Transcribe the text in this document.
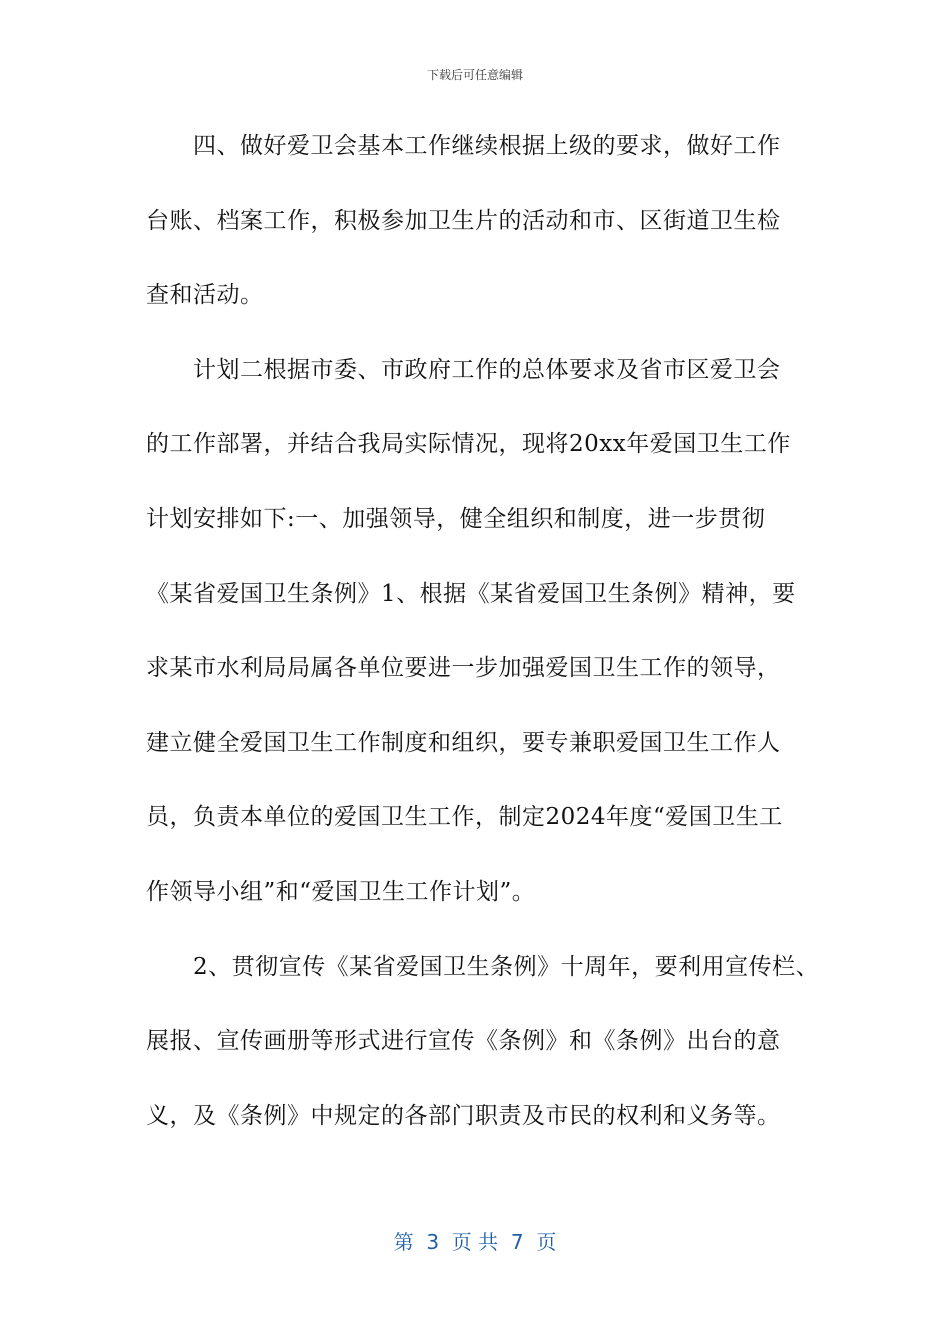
下载后可任意编辑
四、做好爱卫会基本工作继续根据上级的要求，做好工作
台账、档案工作，积极参加卫生片的活动和市、区街道卫生检
查和活动。
计划二根据市委、市政府工作的总体要求及省市区爱卫会
的工作部署，并结合我局实际情况，现将20xx年爱国卫生工作
计划安排如下:一、加强领导，健全组织和制度，进一步贯彻
《某省爱国卫生条例》1、根据《某省爱国卫生条例》精神，要
求某市水利局局属各单位要进一步加强爱国卫生工作的领导，
建立健全爱国卫生工作制度和组织，要专兼职爱国卫生工作人
员，负责本单位的爱国卫生工作，制定2024年度“爱国卫生工
作领导小组”和“爱国卫生工作计划”。
2、贯彻宣传《某省爱国卫生条例》十周年，要利用宣传栏、
展报、宣传画册等形式进行宣传《条例》和《条例》出台的意
义，及《条例》中规定的各部门职责及市民的权利和义务等。
第  3  页 共  7  页
